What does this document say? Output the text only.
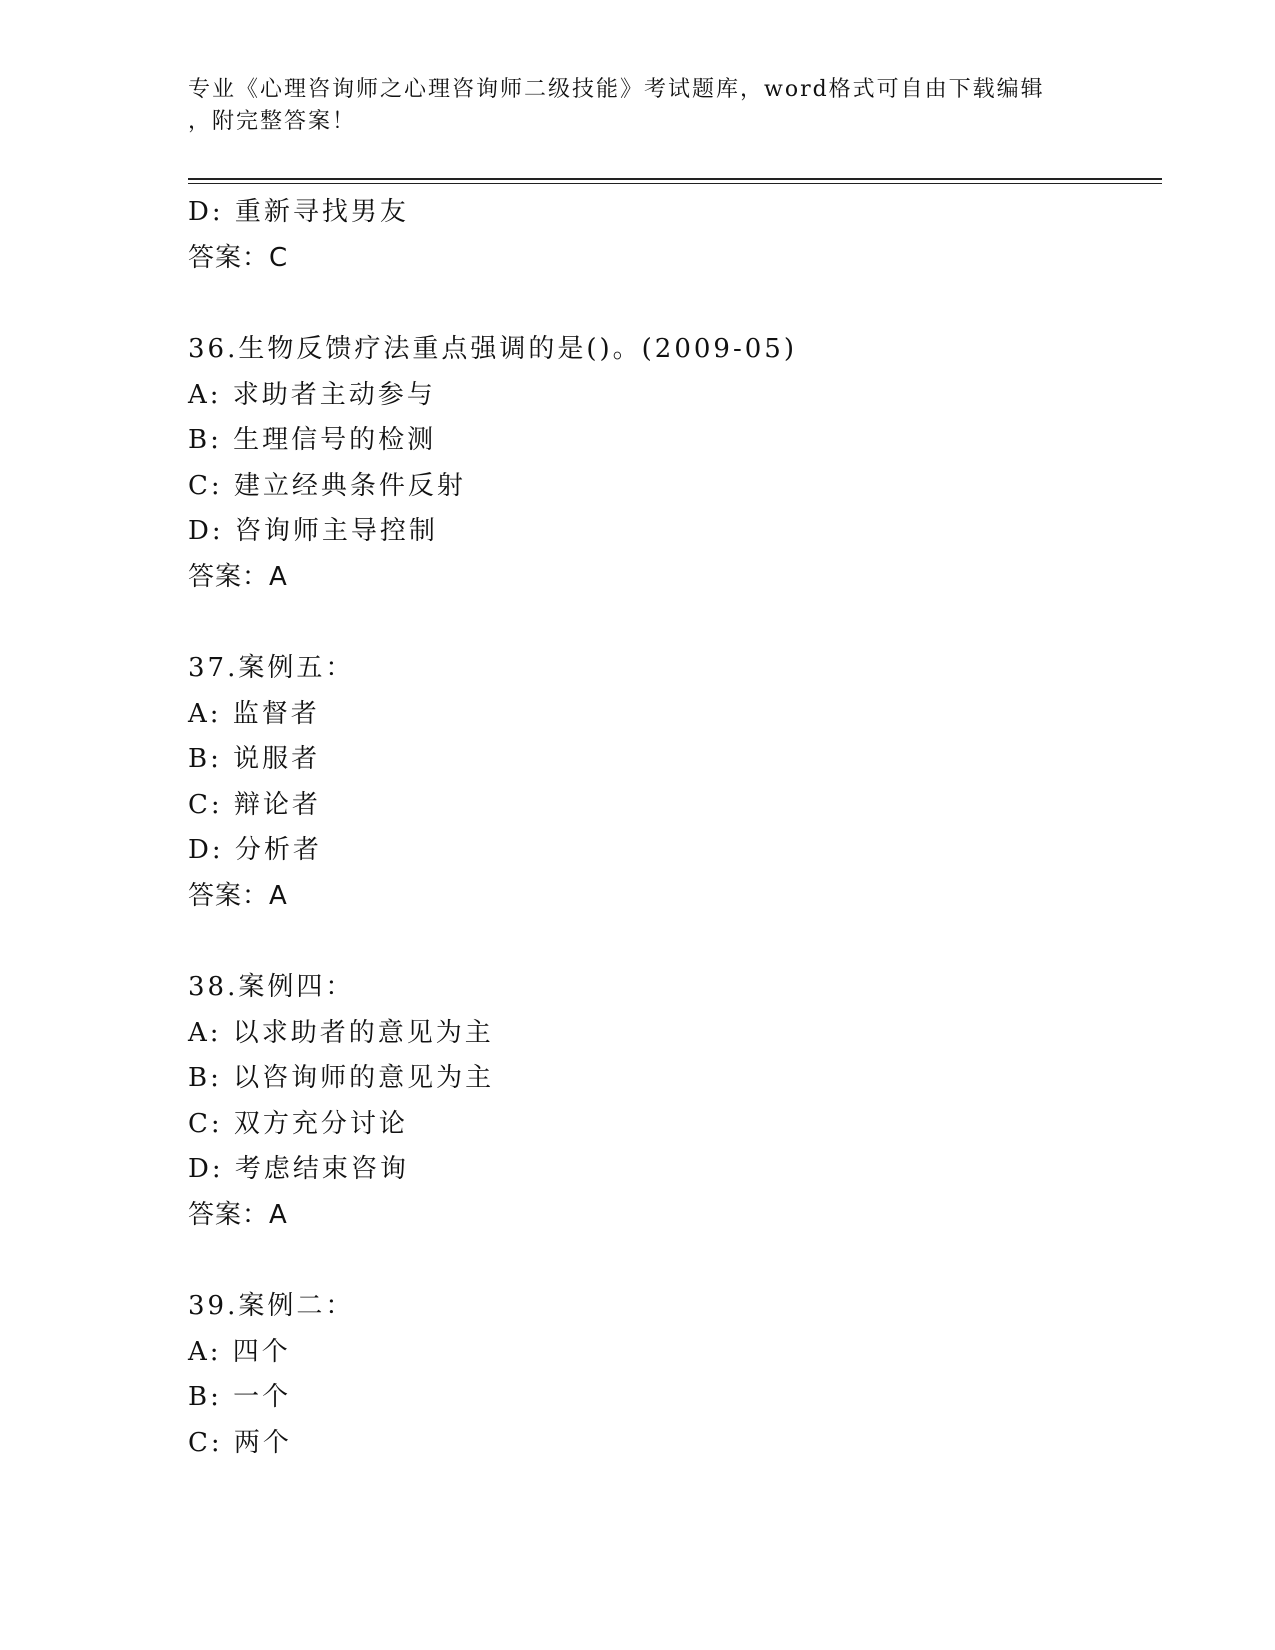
专业《心理咨询师之心理咨询师二级技能》考试题库，word格式可自由下载编辑
，附完整答案！
D: 重新寻找男友
答案：C
36.生物反馈疗法重点强调的是()。(2009-05)
A: 求助者主动参与
B: 生理信号的检测
C: 建立经典条件反射
D: 咨询师主导控制
答案：A
37.案例五：
A: 监督者
B: 说服者
C: 辩论者
D: 分析者
答案：A
38.案例四：
A: 以求助者的意见为主
B: 以咨询师的意见为主
C: 双方充分讨论
D: 考虑结束咨询
答案：A
39.案例二：
A: 四个
B: 一个
C: 两个
